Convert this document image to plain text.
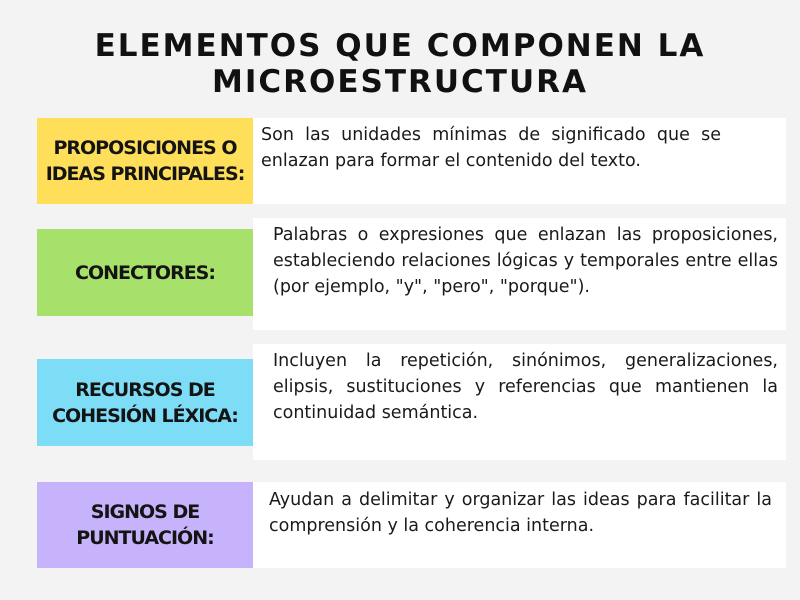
ELEMENTOS QUE COMPONEN LA MICROESTRUCTURA
PROPOSICIONES O IDEAS PRINCIPALES:
Son las unidades mínimas de significado que se enlazan para formar el contenido del texto.
CONECTORES:
Palabras o expresiones que enlazan las proposiciones, estableciendo relaciones lógicas y temporales entre ellas (por ejemplo, "y", "pero", "porque").
RECURSOS DE COHESIÓN LÉXICA:
Incluyen la repetición, sinónimos, generalizaciones, elipsis, sustituciones y referencias que mantienen la continuidad semántica.
SIGNOS DE PUNTUACIÓN:
Ayudan a delimitar y organizar las ideas para facilitar la comprensión y la coherencia interna.
